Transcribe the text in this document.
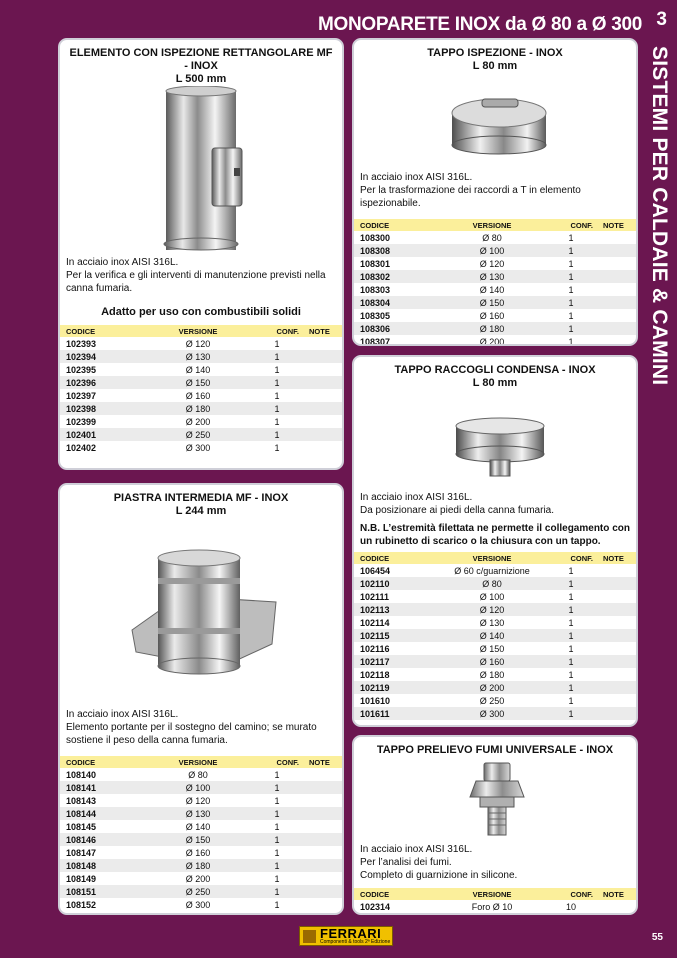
MONOPARETE INOX da Ø 80 a Ø 300 3
SISTEMI PER CALDAIE & CAMINI
ELEMENTO CON ISPEZIONE RETTANGOLARE MF
- INOX
L 500 mm
In acciaio inox AISI 316L.
Per la verifica e gli interventi di manutenzione previsti nella canna fumaria.
Adatto per uso con combustibili solidi
CODICE	VERSIONE	CONF.	NOTE
102393	Ø 120	1	
102394	Ø 130	1	
102395	Ø 140	1	
102396	Ø 150	1	
102397	Ø 160	1	
102398	Ø 180	1	
102399	Ø 200	1	
102401	Ø 250	1	
102402	Ø 300	1	
PIASTRA INTERMEDIA MF - INOX
L 244 mm
In acciaio inox AISI 316L.
Elemento portante per il sostegno del camino; se murato sostiene il peso della canna fumaria.
CODICE	VERSIONE	CONF.	NOTE
108140	Ø 80	1	
108141	Ø 100	1	
108143	Ø 120	1	
108144	Ø 130	1	
108145	Ø 140	1	
108146	Ø 150	1	
108147	Ø 160	1	
108148	Ø 180	1	
108149	Ø 200	1	
108151	Ø 250	1	
108152	Ø 300	1	
TAPPO ISPEZIONE - INOX
L 80 mm
In acciaio inox AISI 316L.
Per la trasformazione dei raccordi a T in elemento ispezionabile.
CODICE	VERSIONE	CONF.	NOTE
108300	Ø 80	1	
108308	Ø 100	1	
108301	Ø 120	1	
108302	Ø 130	1	
108303	Ø 140	1	
108304	Ø 150	1	
108305	Ø 160	1	
108306	Ø 180	1	
108307	Ø 200	1	
TAPPO RACCOGLI CONDENSA - INOX
L 80 mm
In acciaio inox AISI 316L.
Da posizionare ai piedi della canna fumaria.
N.B. L’estremità filettata ne permette il collegamento con un rubinetto di scarico o la chiusura con un tappo.
CODICE	VERSIONE	CONF.	NOTE
106454	Ø 60 c/guarnizione	1	
102110	Ø 80	1	
102111	Ø 100	1	
102113	Ø 120	1	
102114	Ø 130	1	
102115	Ø 140	1	
102116	Ø 150	1	
102117	Ø 160	1	
102118	Ø 180	1	
102119	Ø 200	1	
101610	Ø 250	1	
101611	Ø 300	1	
TAPPO PRELIEVO FUMI UNIVERSALE - INOX
In acciaio inox AISI 316L.
Per l’analisi dei fumi.
Completo di guarnizione in silicone.
CODICE	VERSIONE	CONF.	NOTE
102314	Foro Ø 10	10	
FERRARI
Componenti & tools 2ª Edizione	55
